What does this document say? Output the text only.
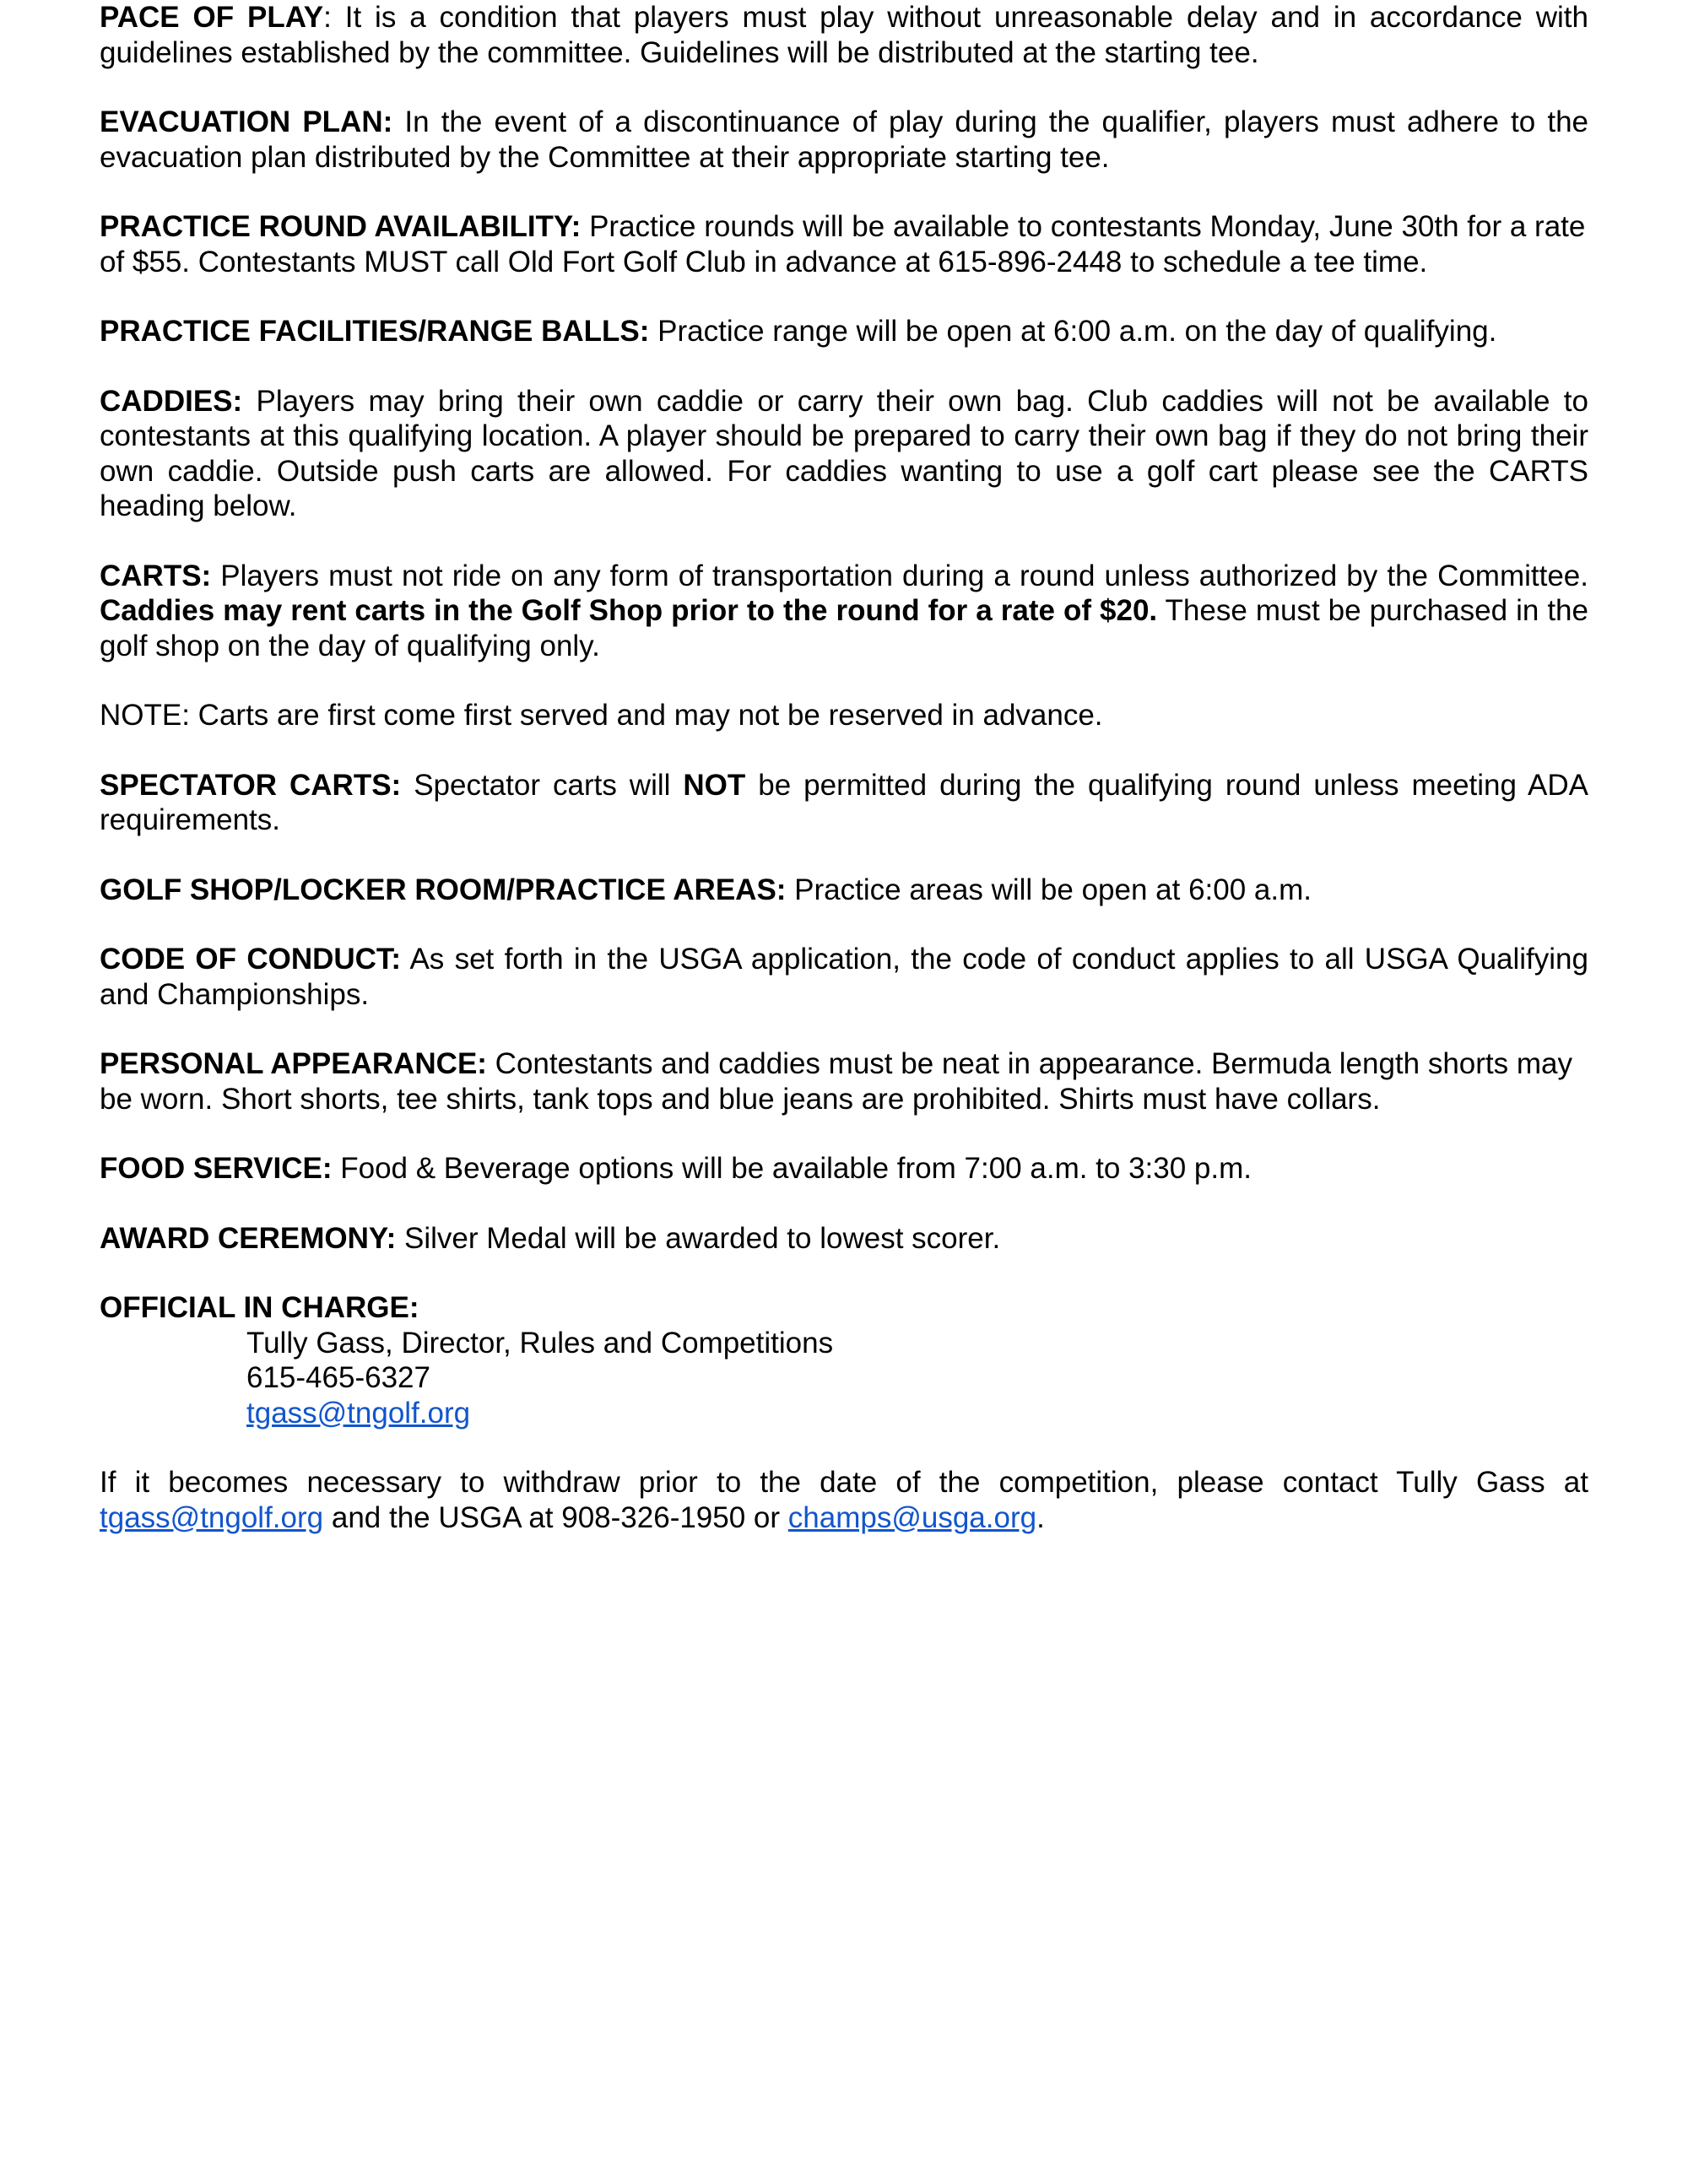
PACE OF PLAY: It is a condition that players must play without unreasonable delay and in accordance with guidelines established by the committee. Guidelines will be distributed at the starting tee.

EVACUATION PLAN: In the event of a discontinuance of play during the qualifier, players must adhere to the evacuation plan distributed by the Committee at their appropriate starting tee.

PRACTICE ROUND AVAILABILITY: Practice rounds will be available to contestants Monday, June 30th for a rate of $55. Contestants MUST call Old Fort Golf Club in advance at 615-896-2448 to schedule a tee time.

PRACTICE FACILITIES/RANGE BALLS: Practice range will be open at 6:00 a.m. on the day of qualifying.

CADDIES: Players may bring their own caddie or carry their own bag. Club caddies will not be available to contestants at this qualifying location. A player should be prepared to carry their own bag if they do not bring their own caddie. Outside push carts are allowed. For caddies wanting to use a golf cart please see the CARTS heading below.

CARTS: Players must not ride on any form of transportation during a round unless authorized by the Committee. Caddies may rent carts in the Golf Shop prior to the round for a rate of $20. These must be purchased in the golf shop on the day of qualifying only.

NOTE: Carts are first come first served and may not be reserved in advance.

SPECTATOR CARTS: Spectator carts will NOT be permitted during the qualifying round unless meeting ADA requirements.

GOLF SHOP/LOCKER ROOM/PRACTICE AREAS: Practice areas will be open at 6:00 a.m.

CODE OF CONDUCT: As set forth in the USGA application, the code of conduct applies to all USGA Qualifying and Championships.

PERSONAL APPEARANCE: Contestants and caddies must be neat in appearance. Bermuda length shorts may be worn. Short shorts, tee shirts, tank tops and blue jeans are prohibited. Shirts must have collars.

FOOD SERVICE: Food & Beverage options will be available from 7:00 a.m. to 3:30 p.m.

AWARD CEREMONY: Silver Medal will be awarded to lowest scorer.

OFFICIAL IN CHARGE:
Tully Gass, Director, Rules and Competitions
615-465-6327
tgass@tngolf.org

If it becomes necessary to withdraw prior to the date of the competition, please contact Tully Gass at tgass@tngolf.org and the USGA at 908-326-1950 or champs@usga.org.
